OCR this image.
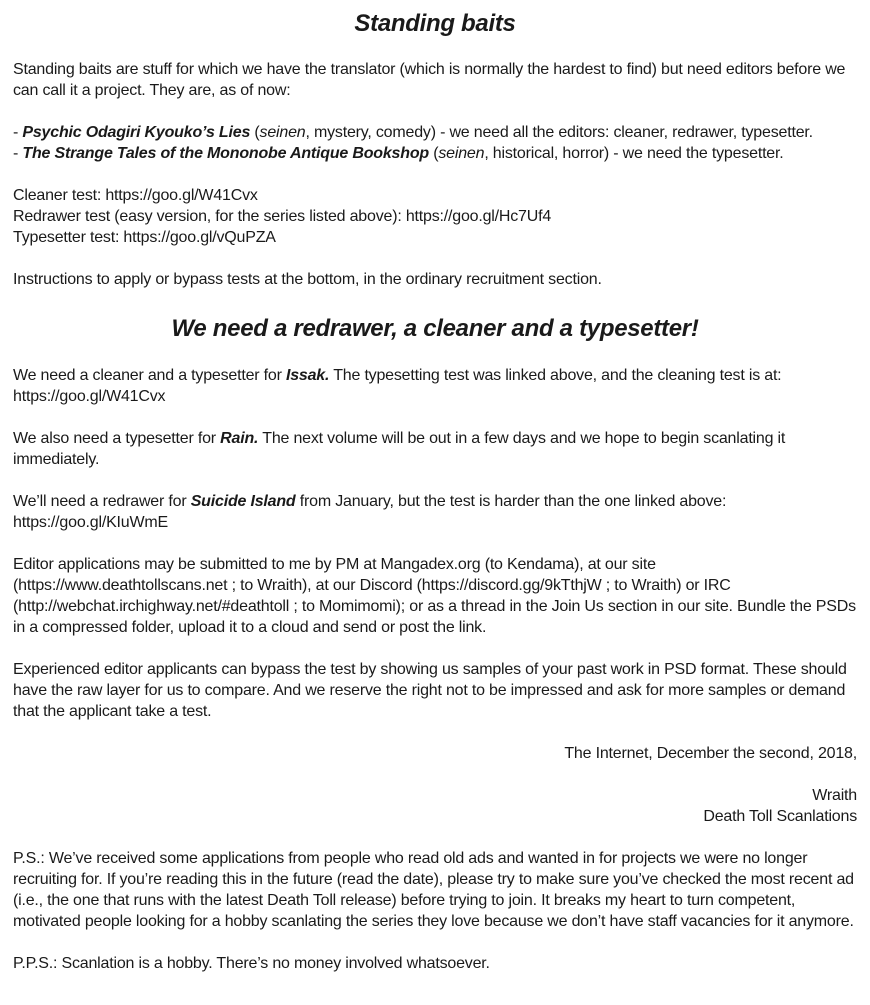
Standing baits

Standing baits are stuff for which we have the translator (which is normally the hardest to find) but need editors before we can call it a project. They are, as of now:

- Psychic Odagiri Kyouko’s Lies (seinen, mystery, comedy) - we need all the editors: cleaner, redrawer, typesetter.
- The Strange Tales of the Mononobe Antique Bookshop (seinen, historical, horror) - we need the typesetter.
Cleaner test: https://goo.gl/W41Cvx
Redrawer test (easy version, for the series listed above): https://goo.gl/Hc7Uf4
Typesetter test: https://goo.gl/vQuPZA

Instructions to apply or bypass tests at the bottom, in the ordinary recruitment section.

We need a redrawer, a cleaner and a typesetter!

We need a cleaner and a typesetter for Issak. The typesetting test was linked above, and the cleaning test is at: https://goo.gl/W41Cvx

We also need a typesetter for Rain. The next volume will be out in a few days and we hope to begin scanlating it immediately.

We’ll need a redrawer for Suicide Island from January, but the test is harder than the one linked above: https://goo.gl/KIuWmE

Editor applications may be submitted to me by PM at Mangadex.org (to Kendama), at our site (https://www.deathtollscans.net ; to Wraith), at our Discord (https://discord.gg/9kTthjW ; to Wraith) or IRC (http://webchat.irchighway.net/#deathtoll ; to Momimomi); or as a thread in the Join Us section in our site. Bundle the PSDs in a compressed folder, upload it to a cloud and send or post the link.

Experienced editor applicants can bypass the test by showing us samples of your past work in PSD format. These should have the raw layer for us to compare. And we reserve the right not to be impressed and ask for more samples or demand that the applicant take a test.

The Internet, December the second, 2018,

Wraith
Death Toll Scanlations

P.S.: We’ve received some applications from people who read old ads and wanted in for projects we were no longer recruiting for. If you’re reading this in the future (read the date), please try to make sure you’ve checked the most recent ad (i.e., the one that runs with the latest Death Toll release) before trying to join. It breaks my heart to turn competent, motivated people looking for a hobby scanlating the series they love because we don’t have staff vacancies for it anymore.

P.P.S.: Scanlation is a hobby. There’s no money involved whatsoever.
